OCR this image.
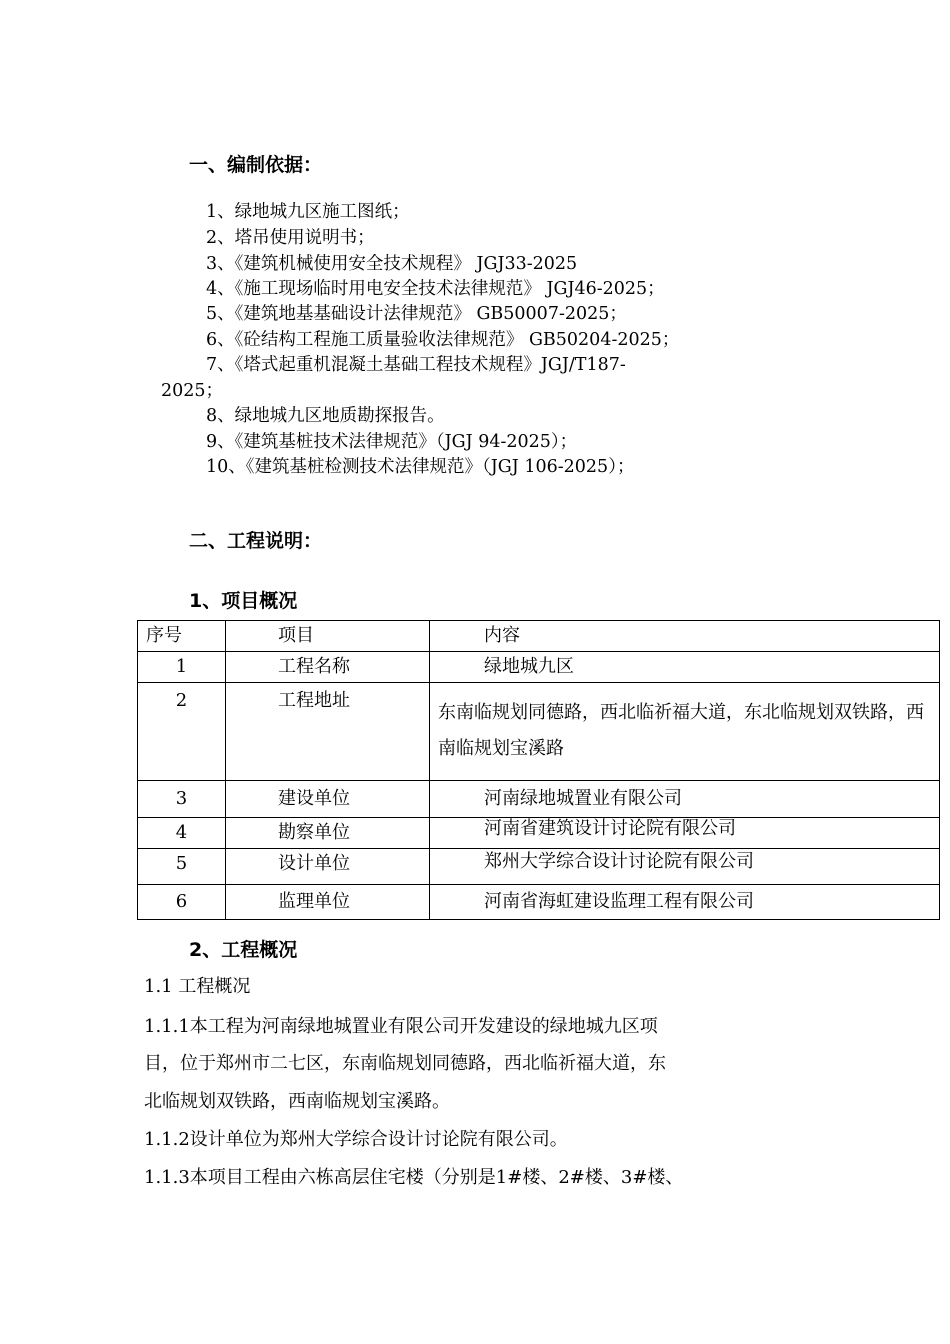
一、编制依据：
1、绿地城九区施工图纸；
2、塔吊使用说明书；
3、《建筑机械使用安全技术规程》 JGJ33-2025
4、《施工现场临时用电安全技术法律规范》 JGJ46-2025；
5、《建筑地基基础设计法律规范》 GB50007-2025；
6、《砼结构工程施工质量验收法律规范》 GB50204-2025；
7、《塔式起重机混凝土基础工程技术规程》JGJ/T187-
2025；
8、绿地城九区地质勘探报告。
9、《建筑基桩技术法律规范》（JGJ 94-2025）；
10、《建筑基桩检测技术法律规范》（JGJ 106-2025）；
二、工程说明：
1、项目概况
序号	项目	内容
1	工程名称	绿地城九区
2	工程地址	东南临规划同德路，西北临祈福大道，东北临规划双铁路，西南临规划宝溪路
3	建设单位	河南绿地城置业有限公司
4	勘察单位	河南省建筑设计讨论院有限公司
5	设计单位	郑州大学综合设计讨论院有限公司
6	监理单位	河南省海虹建设监理工程有限公司
2、工程概况
1.1 工程概况
1.1.1本工程为河南绿地城置业有限公司开发建设的绿地城九区项
目，位于郑州市二七区，东南临规划同德路，西北临祈福大道，东
北临规划双铁路，西南临规划宝溪路。
1.1.2设计单位为郑州大学综合设计讨论院有限公司。
1.1.3本项目工程由六栋高层住宅楼（分别是1#楼、2#楼、3#楼、
